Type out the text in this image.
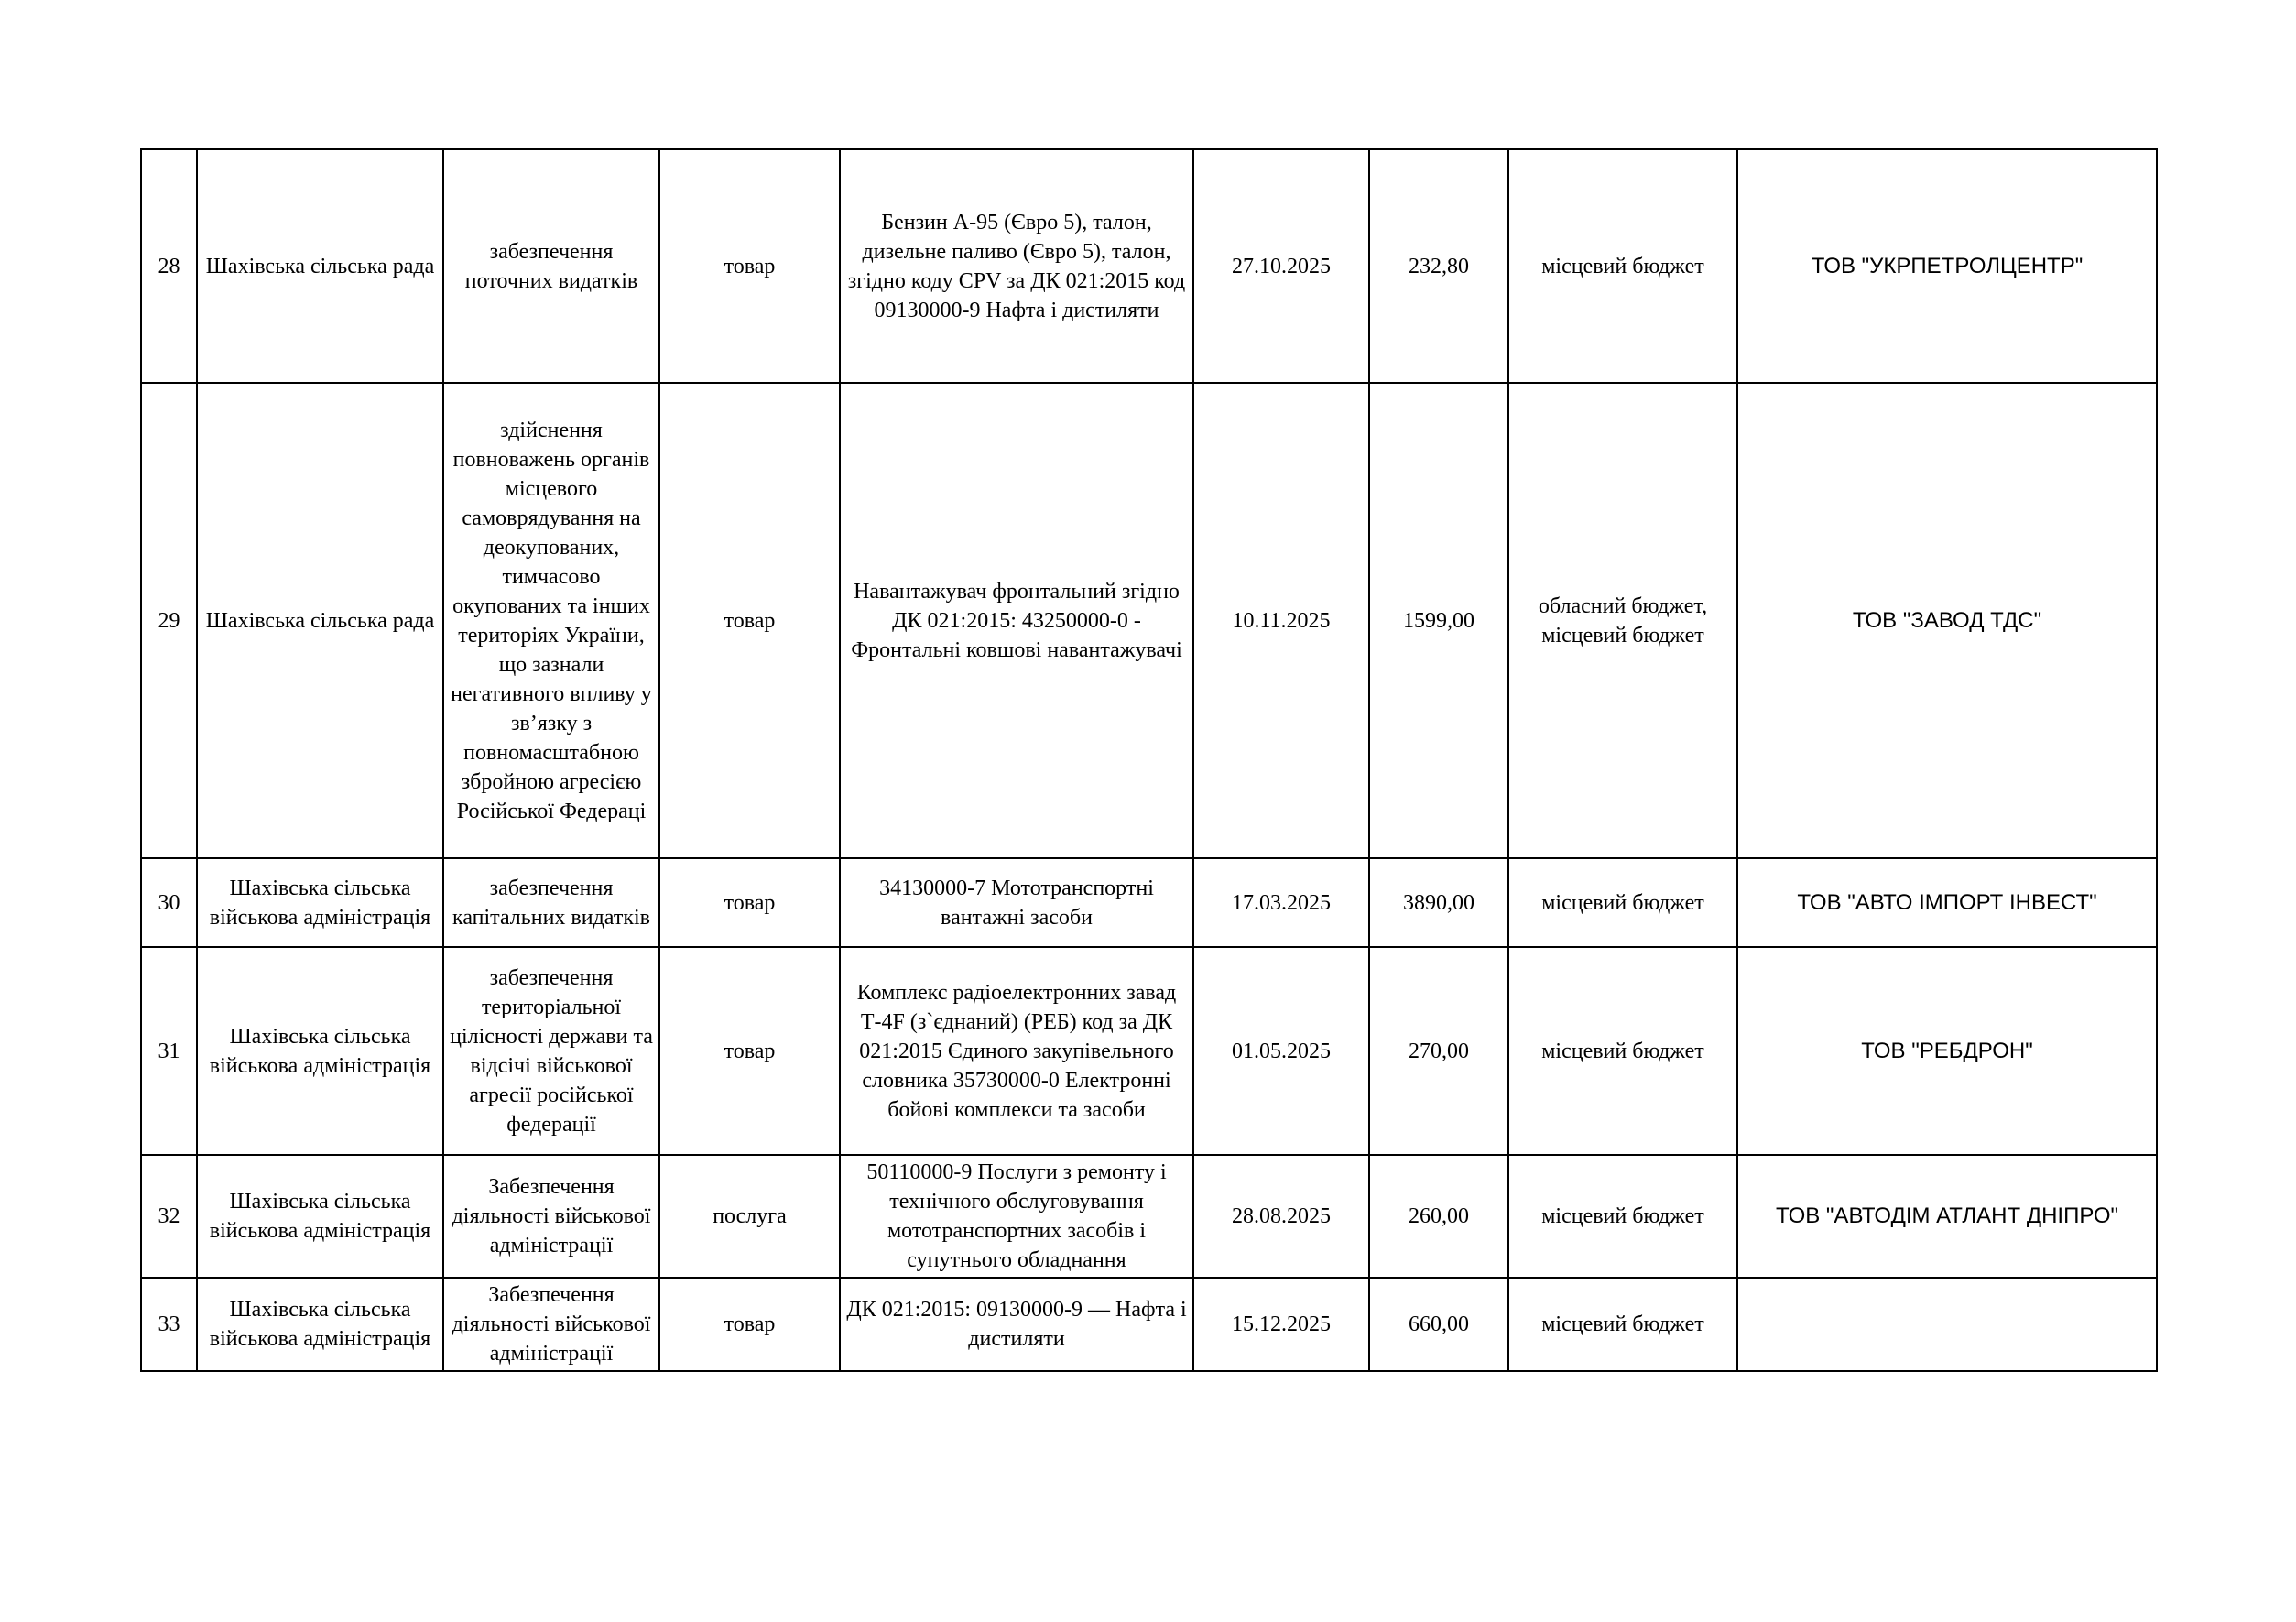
28	Шахівська сільська рада	забезпечення поточних видатків	товар	Бензин А-95 (Євро 5), талон, дизельне паливо (Євро 5), талон, згідно коду CPV за ДК 021:2015 код 09130000-9 Нафта і дистиляти	27.10.2025	232,80	місцевий бюджет	ТОВ "УКРПЕТРОЛЦЕНТР"
29	Шахівська сільська рада	здійснення повноважень органів місцевого самоврядування на деокупованих, тимчасово окупованих та інших територіях України, що зазнали негативного впливу у зв’язку з повномасштабною збройною агресією Російської Федераці	товар	Навантажувач фронтальний згідно ДК 021:2015: 43250000-0 - Фронтальні ковшові навантажувачі	10.11.2025	1599,00	обласний бюджет, місцевий бюджет	ТОВ "ЗАВОД ТДС"
30	Шахівська сільська військова адміністрація	забезпечення капітальних видатків	товар	34130000-7 Мототранспортні вантажні засоби	17.03.2025	3890,00	місцевий бюджет	ТОВ "АВТО ІМПОРТ ІНВЕСТ"
31	Шахівська сільська військова адміністрація	забезпечення територіальної цілісності держави та відсічі військової агресії російської федерації	товар	Комплекс радіоелектронних завад Т-4F (з`єднаний) (РЕБ) код за ДК 021:2015 Єдиного закупівельного словника 35730000-0 Електронні бойові комплекси та засоби	01.05.2025	270,00	місцевий бюджет	ТОВ "РЕБДРОН"
32	Шахівська сільська військова адміністрація	Забезпечення діяльності військової адміністрації	послуга	50110000-9 Послуги з ремонту і технічного обслуговування мототранспортних засобів і супутнього обладнання	28.08.2025	260,00	місцевий бюджет	ТОВ "АВТОДІМ АТЛАНТ ДНІПРО"
33	Шахівська сільська військова адміністрація	Забезпечення діяльності військової адміністрації	товар	ДК 021:2015: 09130000-9 — Нафта і дистиляти	15.12.2025	660,00	місцевий бюджет	
